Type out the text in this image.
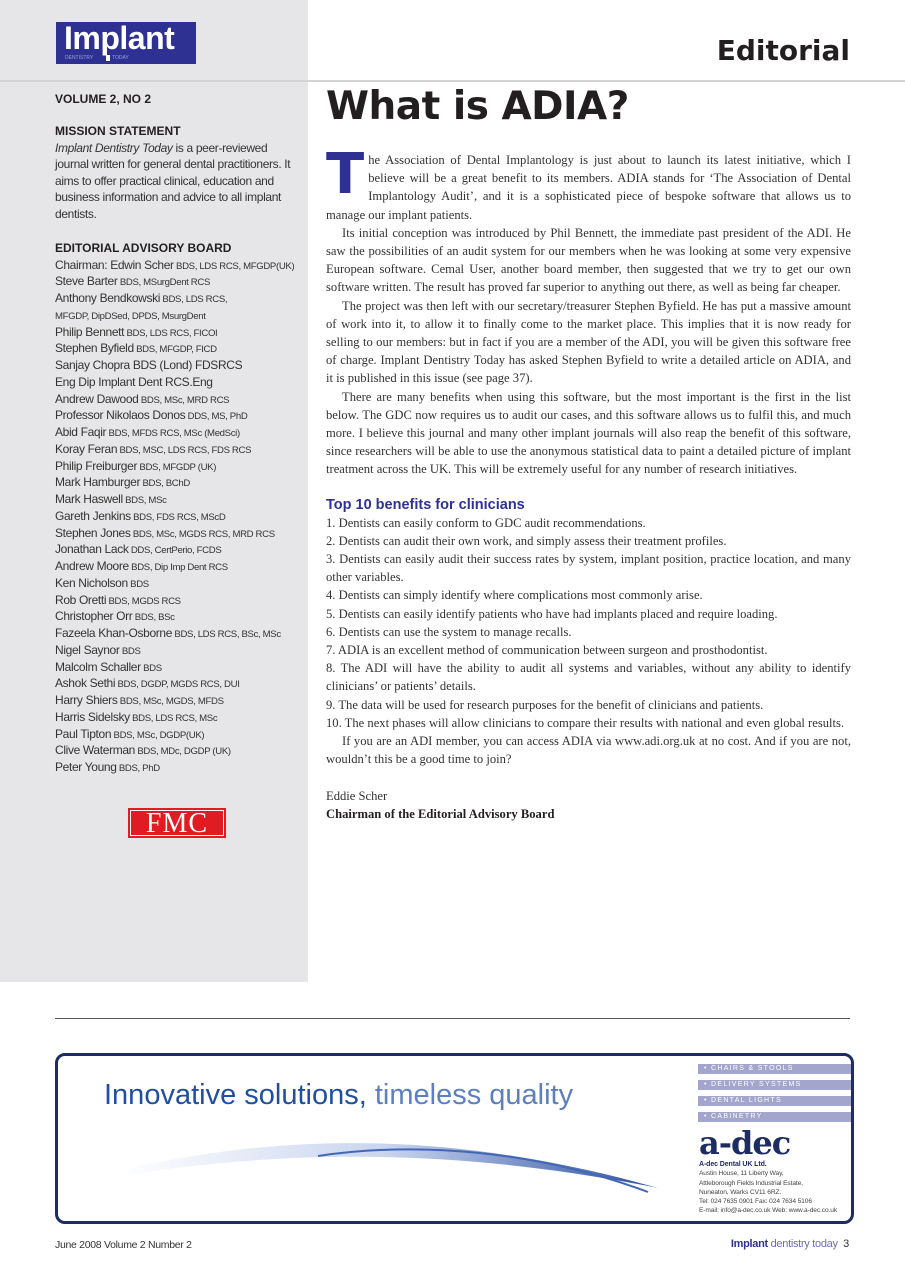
Implant
DENTISTRY	TODAY	Editorial
VOLUME 2, NO 2
MISSION STATEMENT

Implant Dentistry Today is a peer-reviewed journal written for general dental practitioners. It aims to offer practical clinical, education and business information and advice to all implant dentists.

EDITORIAL ADVISORY BOARD
Chairman: Edwin Scher BDS, LDS RCS, MFGDP(UK)
Steve Barter BDS, MSurgDent RCS
Anthony Bendkowski BDS, LDS RCS,
MFGDP, DipDSed, DPDS, MsurgDent
Philip Bennett BDS, LDS RCS, FICOI
Stephen Byfield BDS, MFGDP, FICD
Sanjay Chopra BDS (Lond) FDSRCS
Eng Dip Implant Dent RCS.Eng
Andrew Dawood BDS, MSc, MRD RCS
Professor Nikolaos Donos DDS, MS, PhD
Abid Faqir BDS, MFDS RCS, MSc (MedSci)
Koray Feran BDS, MSC, LDS RCS, FDS RCS
Philip Freiburger BDS, MFGDP (UK)
Mark Hamburger BDS, BChD
Mark Haswell BDS, MSc
Gareth Jenkins BDS, FDS RCS, MScD
Stephen Jones BDS, MSc, MGDS RCS, MRD RCS
Jonathan Lack DDS, CertPerio, FCDS
Andrew Moore BDS, Dip Imp Dent RCS
Ken Nicholson BDS
Rob Oretti BDS, MGDS RCS
Christopher Orr BDS, BSc
Fazeela Khan-Osborne BDS, LDS RCS, BSc, MSc
Nigel Saynor BDS
Malcolm Schaller BDS
Ashok Sethi BDS, DGDP, MGDS RCS, DUI
Harry Shiers BDS, MSc, MGDS, MFDS
Harris Sidelsky BDS, LDS RCS, MSc
Paul Tipton BDS, MSc, DGDP(UK)
Clive Waterman BDS, MDc, DGDP (UK)
Peter Young BDS, PhD
FMC
What is ADIA?

The Association of Dental Implantology is just about to launch its latest initiative, which I believe will be a great benefit to its members. ADIA stands for ‘The Association of Dental Implantology Audit’, and it is a sophisticated piece of bespoke software that allows us to manage our implant patients.

Its initial conception was introduced by Phil Bennett, the immediate past president of the ADI. He saw the possibilities of an audit system for our members when he was looking at some very expensive European software. Cemal User, another board member, then suggested that we try to get our own software written. The result has proved far superior to anything out there, as well as being far cheaper.

The project was then left with our secretary/treasurer Stephen Byfield. He has put a massive amount of work into it, to allow it to finally come to the market place. This implies that it is now ready for selling to our members: but in fact if you are a member of the ADI, you will be given this software free of charge. Implant Dentistry Today has asked Stephen Byfield to write a detailed article on ADIA, and it is published in this issue (see page 37).

There are many benefits when using this software, but the most important is the first in the list below. The GDC now requires us to audit our cases, and this software allows us to fulfil this, and much more. I believe this journal and many other implant journals will also reap the benefit of this software, since researchers will be able to use the anonymous statistical data to paint a detailed picture of implant treatment across the UK. This will be extremely useful for any number of research initiatives.

Top 10 benefits for clinicians
1. Dentists can easily conform to GDC audit recommendations.
2. Dentists can audit their own work, and simply assess their treatment profiles.
3. Dentists can easily audit their success rates by system, implant position, practice location, and many other variables.
4. Dentists can simply identify where complications most commonly arise.
5. Dentists can easily identify patients who have had implants placed and require loading.
6. Dentists can use the system to manage recalls.
7. ADIA is an excellent method of communication between surgeon and prosthodontist.
8. The ADI will have the ability to audit all systems and variables, without any ability to identify clinicians’ or patients’ details.
9. The data will be used for research purposes for the benefit of clinicians and patients.
10. The next phases will allow clinicians to compare their results with national and even global results.

If you are an ADI member, you can access ADIA via www.adi.org.uk at no cost. And if you are not, wouldn’t this be a good time to join?

Eddie Scher
Chairman of the Editorial Advisory Board
Innovative solutions, timeless quality
• CHAIRS & STOOLS
• DELIVERY SYSTEMS
• DENTAL LIGHTS
• CABINETRY
a-dec
A-dec Dental UK Ltd.
Austin House, 11 Liberty Way,
Attleborough Fields Industrial Estate,
Nuneaton, Warks CV11 6RZ.
Tel: 024 7635 0901 Fax: 024 7634 5106
E-mail: info@a-dec.co.uk Web: www.a-dec.co.uk
June 2008 Volume 2 Number 2	Implant dentistry today 3
